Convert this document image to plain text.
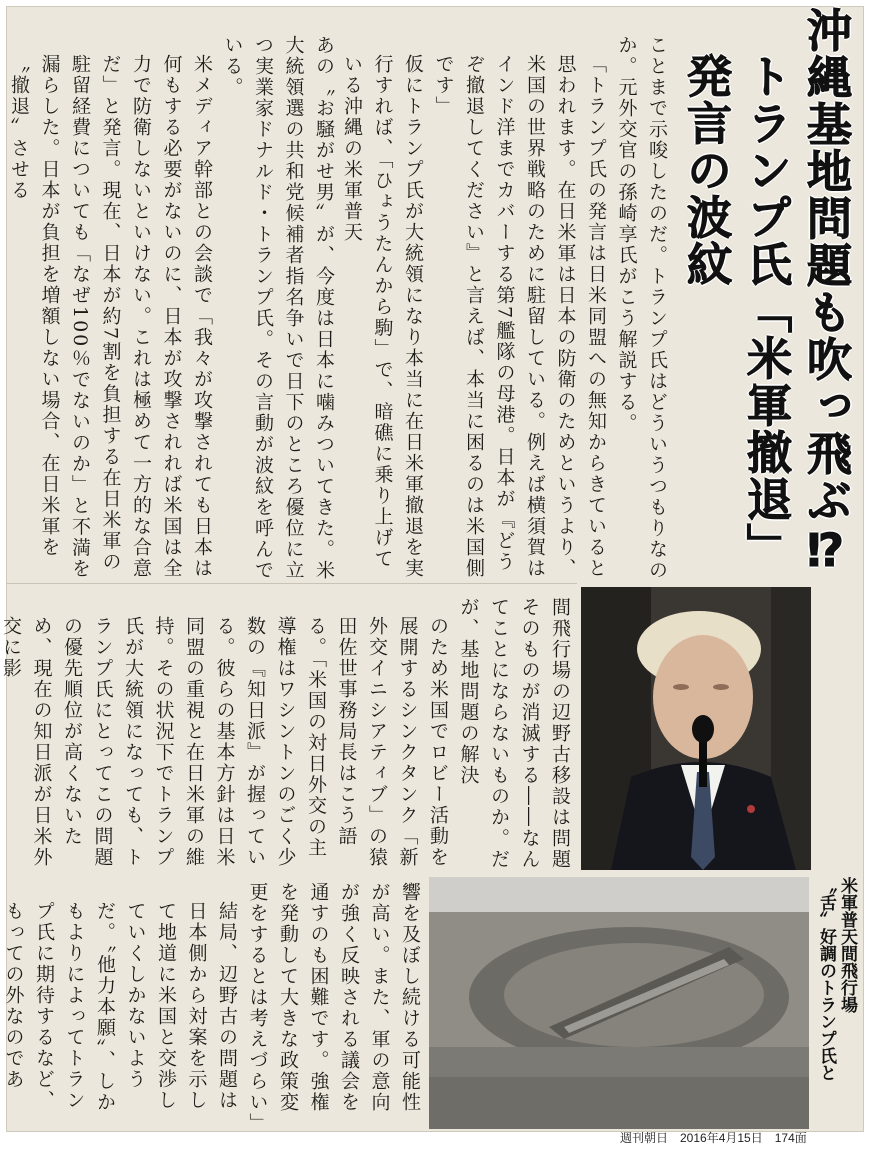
沖縄基地問題も吹っ飛ぶ⁉
トランプ氏「米軍撤退」発言の波紋

あの〝お騒がせ男〟が、今度は日本に噛みついてきた。米大統領選の共和党候補者指名争いで日下のところ優位に立つ実業家ドナルド・トランプ氏。その言動が波紋を呼んでいる。

米メディア幹部との会談で「我々が攻撃されても日本は何もする必要がないのに、日本が攻撃されれば米国は全力で防衛しないといけない。これは極めて一方的な合意だ」と発言。現在、日本が約7割を負担する在日米軍の駐留経費についても「なぜ100％でないのか」と不満を漏らした。日本が負担を増額しない場合、在日米軍を〝撤退〟させる	ことまで示唆したのだ。トランプ氏はどういうつもりなのか。元外交官の孫崎享氏がこう解説する。

「トランプ氏の発言は日米同盟への無知からきていると思われます。在日米軍は日本の防衛のためというより、米国の世界戦略のために駐留している。例えば横須賀はインド洋までカバーする第7艦隊の母港。日本が『どうぞ撤退してください』と言えば、本当に困るのは米国側です」

仮にトランプ氏が大統領になり本当に在日米軍撤退を実行すれば、「ひょうたんから駒」で、暗礁に乗り上げている沖縄の米軍普天

間飛行場の辺野古移設は問題そのものが消滅する――なんてことにならないものか。だが、基地問題の解決

のため米国でロビー活動を展開するシンクタンク「新外交イニシアティブ」の猿田佐世事務局長はこう語る。「米国の対日外交の主導権はワシントンのごく少数の『知日派』が握っている。彼らの基本方針は日米同盟の重視と在日米軍の維持。その状況下でトランプ氏が大統領になっても、トランプ氏にとってこの問題の優先順位が高くないため、現在の知日派が日米外交に影

響を及ぼし続ける可能性が高い。また、軍の意向が強く反映される議会を通すのも困難です。強権を発動して大きな政策変更をするとは考えづらい」

結局、辺野古の問題は日本側から対案を示して地道に米国と交渉していくしかないようだ。〝他力本願〟、しかもよりによってトランプ氏に期待するなど、もっての外なのであ

米軍普天間飛行場
〝舌〟好調のトランプ氏と
週刊朝日　2016年4月15日　174面
